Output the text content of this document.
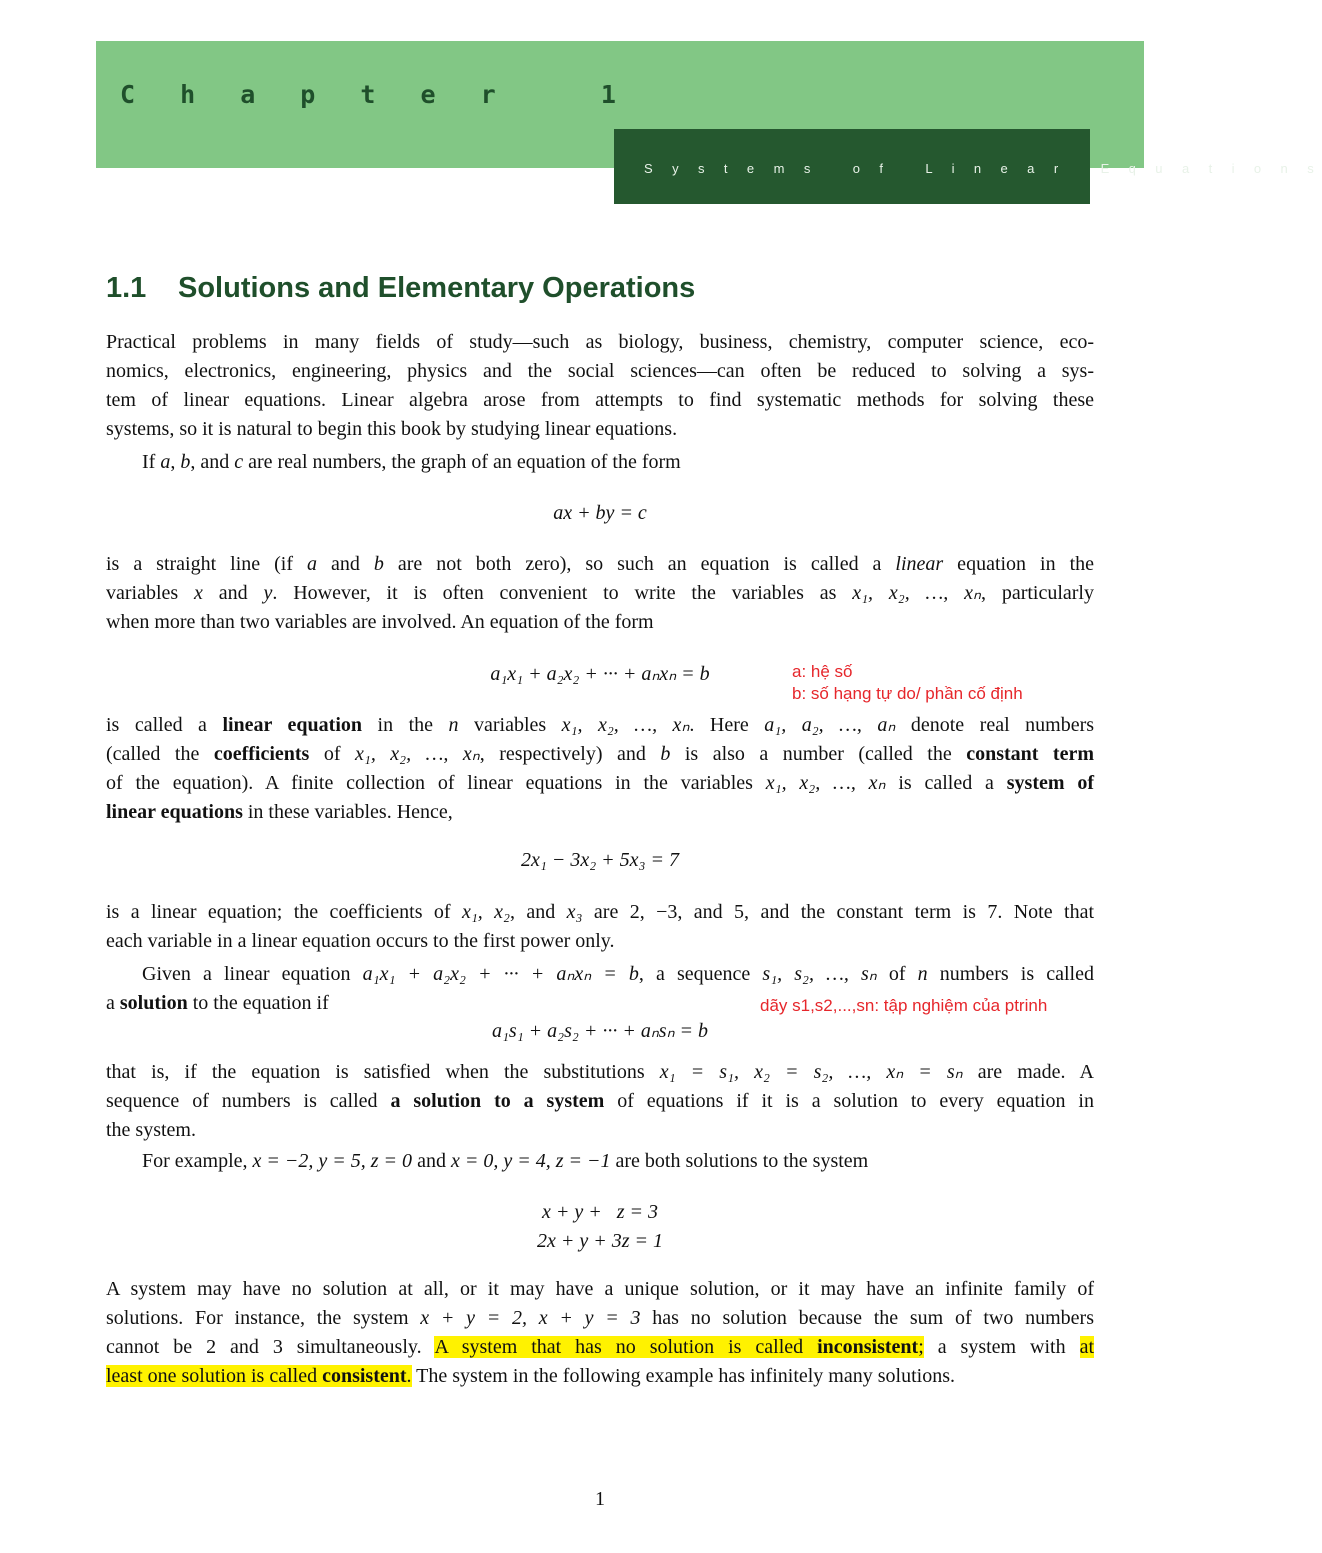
C h a p t e r   1
S y s t e m s   o f   L i n e a r   E q u a t i o n s
1.1 Solutions and Elementary Operations
Practical problems in many fields of study—such as biology, business, chemistry, computer science, eco-
nomics, electronics, engineering, physics and the social sciences—can often be reduced to solving a sys-
tem of linear equations. Linear algebra arose from attempts to find systematic methods for solving these
systems, so it is natural to begin this book by studying linear equations.
If a, b, and c are real numbers, the graph of an equation of the form
ax + by = c
is a straight line (if a and b are not both zero), so such an equation is called a linear equation in the
variables x and y. However, it is often convenient to write the variables as x₁, x₂, …, xₙ, particularly
when more than two variables are involved. An equation of the form
a₁x₁ + a₂x₂ + ··· + aₙxₙ = b	a: hệ số
b: số hạng tự do/ phần cố định
is called a linear equation in the n variables x₁, x₂, …, xₙ. Here a₁, a₂, …, aₙ denote real numbers
(called the coefficients of x₁, x₂, …, xₙ, respectively) and b is also a number (called the constant term
of the equation). A finite collection of linear equations in the variables x₁, x₂, …, xₙ is called a system of
linear equations in these variables. Hence,
2x₁ − 3x₂ + 5x₃ = 7
is a linear equation; the coefficients of x₁, x₂, and x₃ are 2, −3, and 5, and the constant term is 7. Note that
each variable in a linear equation occurs to the first power only.
Given a linear equation a₁x₁ + a₂x₂ + ··· + aₙxₙ = b, a sequence s₁, s₂, …, sₙ of n numbers is called
a solution to the equation if	dãy s1,s2,...,sn: tập nghiệm của ptrinh
a₁s₁ + a₂s₂ + ··· + aₙsₙ = b
that is, if the equation is satisfied when the substitutions x₁ = s₁, x₂ = s₂, …, xₙ = sₙ are made. A
sequence of numbers is called a solution to a system of equations if it is a solution to every equation in
the system.
For example, x = −2, y = 5, z = 0 and x = 0, y = 4, z = −1 are both solutions to the system
x + y +   z = 3
2x + y + 3z = 1
A system may have no solution at all, or it may have a unique solution, or it may have an infinite family of
solutions. For instance, the system x + y = 2, x + y = 3 has no solution because the sum of two numbers
cannot be 2 and 3 simultaneously. A system that has no solution is called inconsistent; a system with at
least one solution is called consistent. The system in the following example has infinitely many solutions.
1
